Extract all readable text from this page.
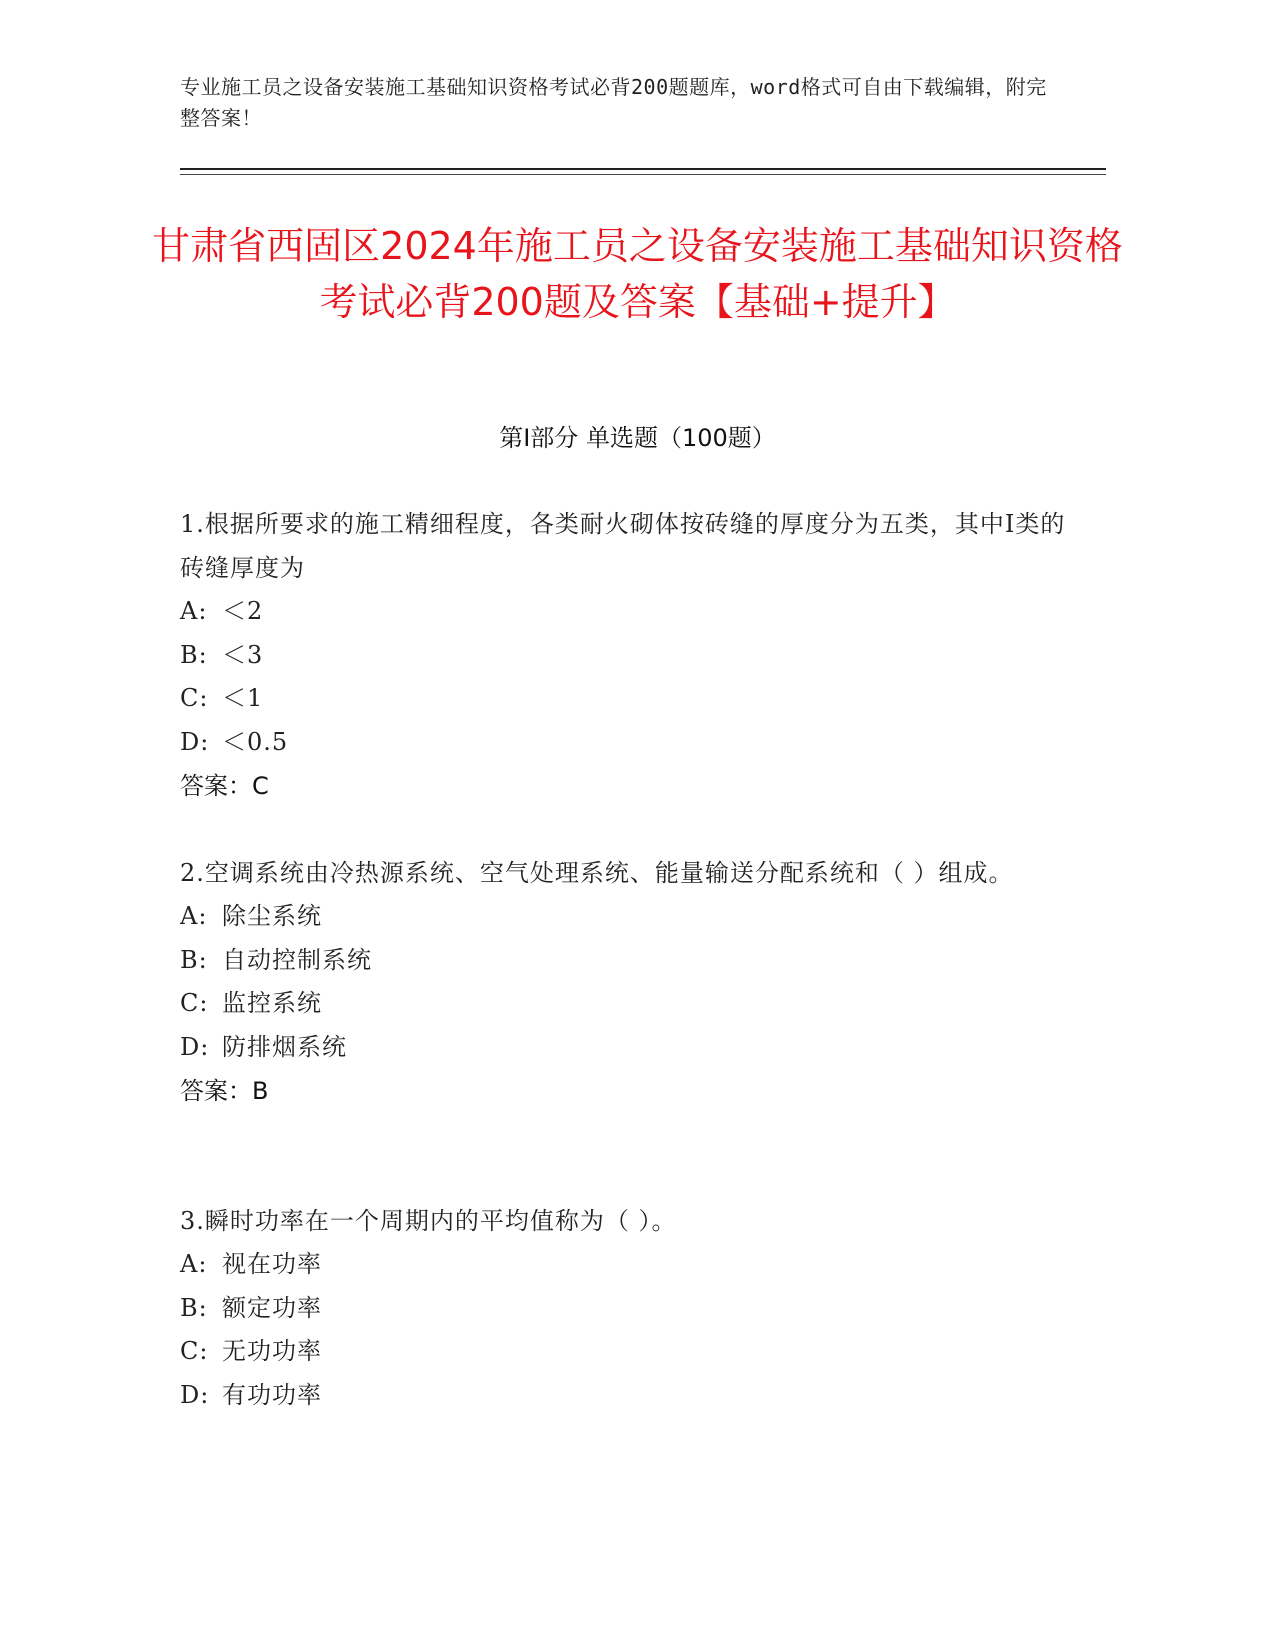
专业施工员之设备安装施工基础知识资格考试必背200题题库，word格式可自由下载编辑，附完整答案！
甘肃省西固区2024年施工员之设备安装施工基础知识资格考试必背200题及答案【基础+提升】
第Ⅰ部分 单选题（100题）
1.根据所要求的施工精细程度，各类耐火砌体按砖缝的厚度分为五类，其中Ⅰ类的砖缝厚度为
A: ＜2
B: ＜3
C: ＜1
D: ＜0.5
答案：C
2.空调系统由冷热源系统、空气处理系统、能量输送分配系统和（ ）组成。
A: 除尘系统
B: 自动控制系统
C: 监控系统
D: 防排烟系统
答案：B
3.瞬时功率在一个周期内的平均值称为（ ）。
A: 视在功率
B: 额定功率
C: 无功功率
D: 有功功率
